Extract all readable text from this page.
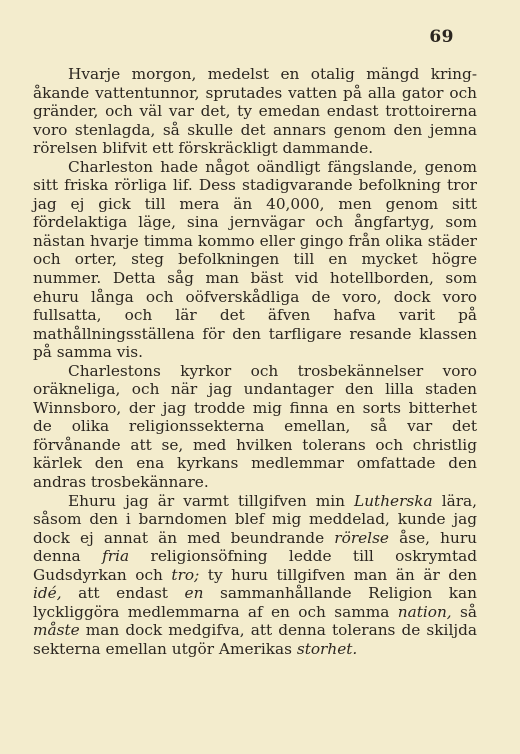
69

Hvarje morgon, medelst en otalig mängd kringåkande vattentunnor, sprutades vatten på alla gator och gränder, och väl var det, ty emedan endast trottoirerna voro stenlagda, så skulle det annars genom den jemna rörelsen blifvit ett förskräckligt dammande.

Charleston hade något oändligt fängslande, genom sitt friska rörliga lif. Dess stadigvarande befolkning tror jag ej gick till mera än 40,000, men genom sitt fördelaktiga läge, sina jernvägar och ångfartyg, som nästan hvarje timma kommo eller gingo från olika städer och orter, steg befolkningen till en mycket högre nummer. Detta såg man bäst vid hotellborden, som ehuru långa och oöfverskådliga de voro, dock voro fullsatta, och lär det äfven hafva varit på mathållningsställena för den tarfligare resande klassen på samma vis.

Charlestons kyrkor och trosbekännelser voro oräkneliga, och när jag undantager den lilla staden Winnsboro, der jag trodde mig finna en sorts bitterhet de olika religionssekterna emellan, så var det förvånande att se, med hvilken tolerans och christlig kärlek den ena kyrkans medlemmar omfattade den andras trosbekännare.

Ehuru jag är varmt tillgifven min Lutherska lära, såsom den i barndomen blef mig meddelad, kunde jag dock ej annat än med beundrande rörelse åse, huru denna fria religionsöfning ledde till oskrymtad Gudsdyrkan och tro; ty huru tillgifven man än är den idé, att endast en sammanhållande Religion kan lyckliggöra medlemmarna af en och samma nation, så måste man dock medgifva, att denna tolerans de skiljda sekterna emellan utgör Amerikas storhet.
